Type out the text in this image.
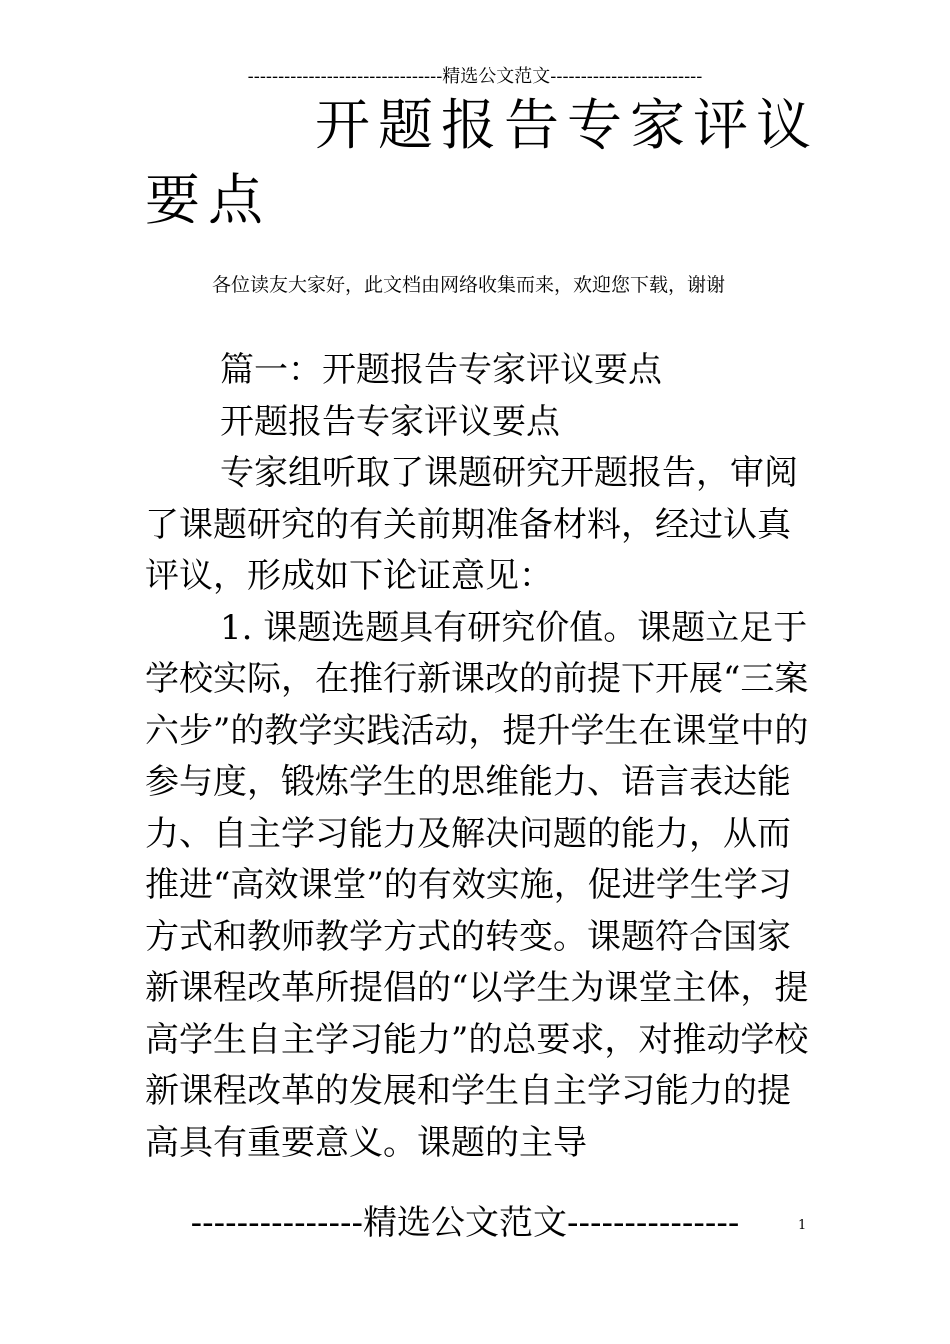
--------------------------------精选公文范文-------------------------
开题报告专家评议
要点
各位读友大家好，此文档由网络收集而来，欢迎您下载，谢谢

篇一：开题报告专家评议要点

开题报告专家评议要点

专家组听取了课题研究开题报告，审阅了课题研究的有关前期准备材料，经过认真评议，形成如下论证意见：

1. 课题选题具有研究价值。课题立足于学校实际，在推行新课改的前提下开展“三案六步”的教学实践活动，提升学生在课堂中的参与度，锻炼学生的思维能力、语言表达能力、自主学习能力及解决问题的能力，从而推进“高效课堂”的有效实施，促进学生学习方式和教师教学方式的转变。课题符合国家新课程改革所提倡的“以学生为课堂主体，提高学生自主学习能力”的总要求，对推动学校新课程改革的发展和学生自主学习能力的提高具有重要意义。课题的主导

---------------精选公文范文---------------	1
